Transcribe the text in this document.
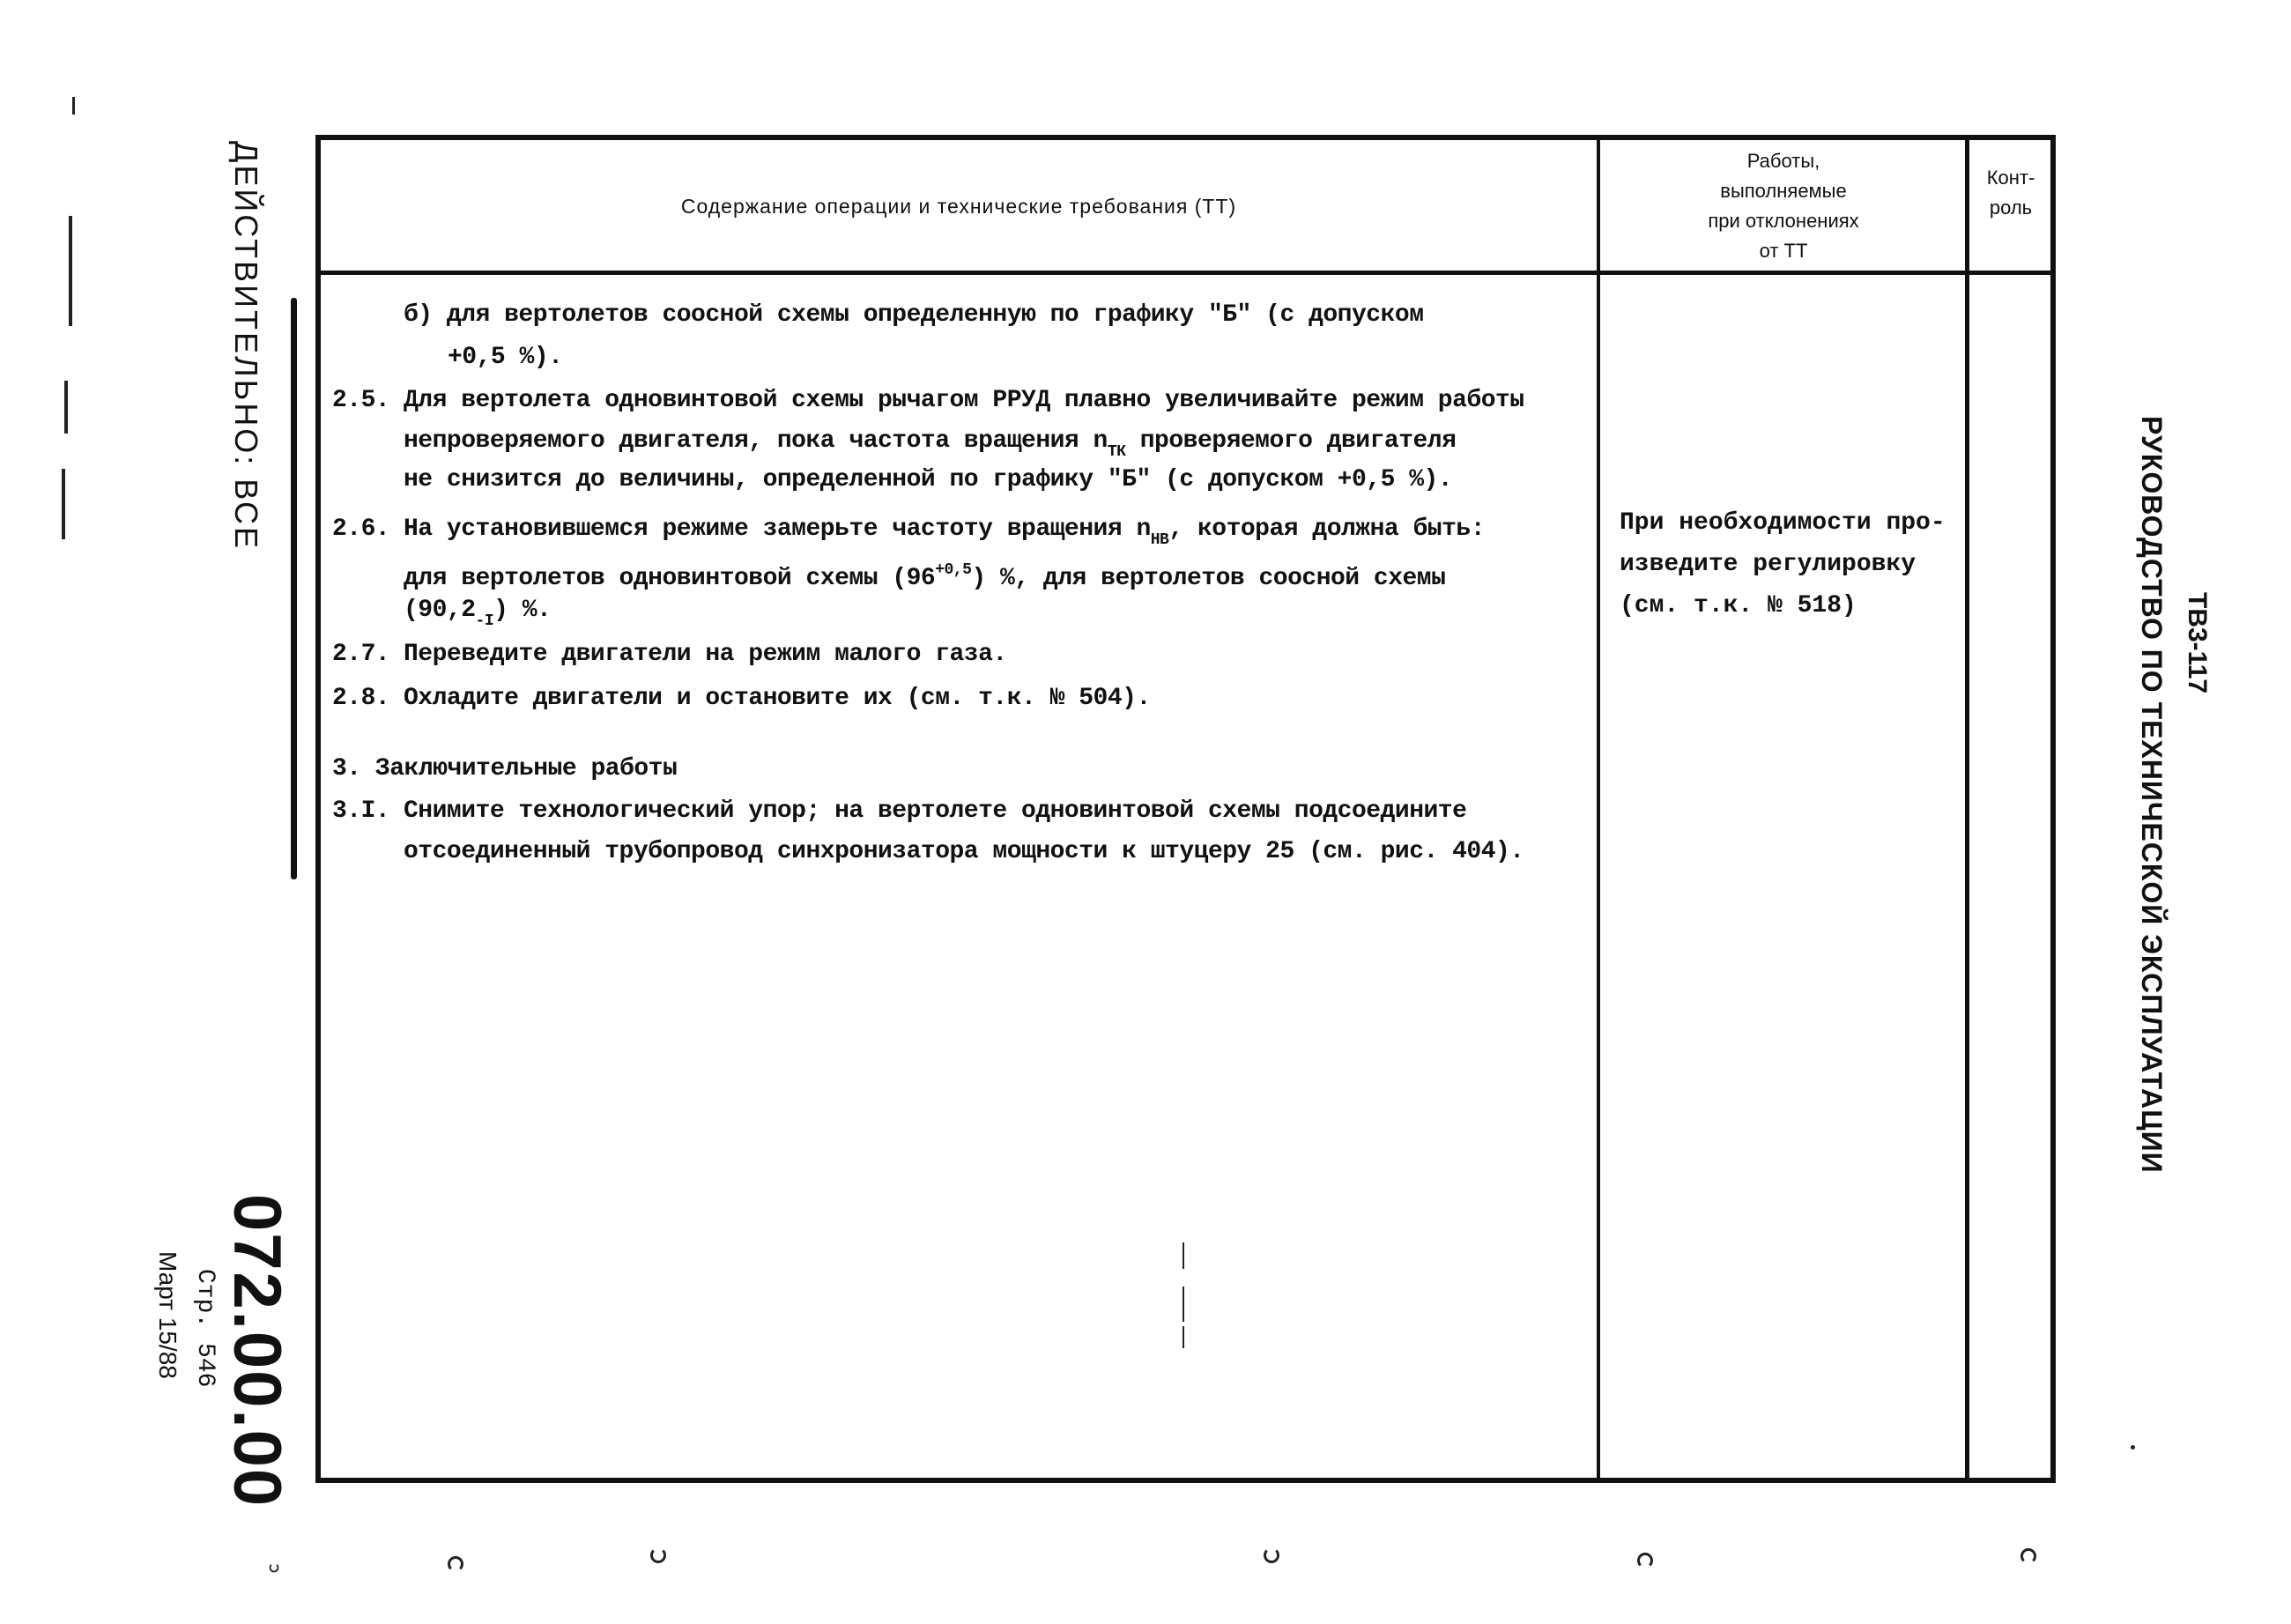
ДЕЙСТВИТЕЛЬНО: ВСЕ
072.00.00
Стр. 546
Март 15/88
РУКОВОДСТВО ПО ТЕХНИЧЕСКОЙ ЭКСПЛУАТАЦИИ ТВ3-117
Содержание операции и технические требования (ТТ)
Работы,
выполняемые
при отклонениях
от ТТ
Конт-
роль
б) для вертолетов соосной схемы определенную по графику "Б" (с допуском
+0,5 %).
2.5. Для вертолета одновинтовой схемы рычагом РРУД плавно увеличивайте режим работы
непроверяемого двигателя, пока частота вращения $n_{ТК}$ проверяемого двигателя
не снизится до величины, определенной по графику "Б" (с допуском +0,5 %).
2.6. На установившемся режиме замерьте частоту вращения $n_{НВ}$, которая должна быть:
для вертолетов одновинтовой схемы $(96^{+0,5})$ %, для вертолетов соосной схемы
$(90,2_{-I})$ %.
2.7. Переведите двигатели на режим малого газа.
2.8. Охладите двигатели и остановите их (см. т.к. № 504).
3. Заключительные работы
3.I. Снимите технологический упор; на вертолете одновинтовой схемы подсоедините
отсоединенный трубопровод синхронизатора мощности к штуцеру 25 (см. рис. 404).
При необходимости про-
изведите регулировку
(см. т.к. № 518)
